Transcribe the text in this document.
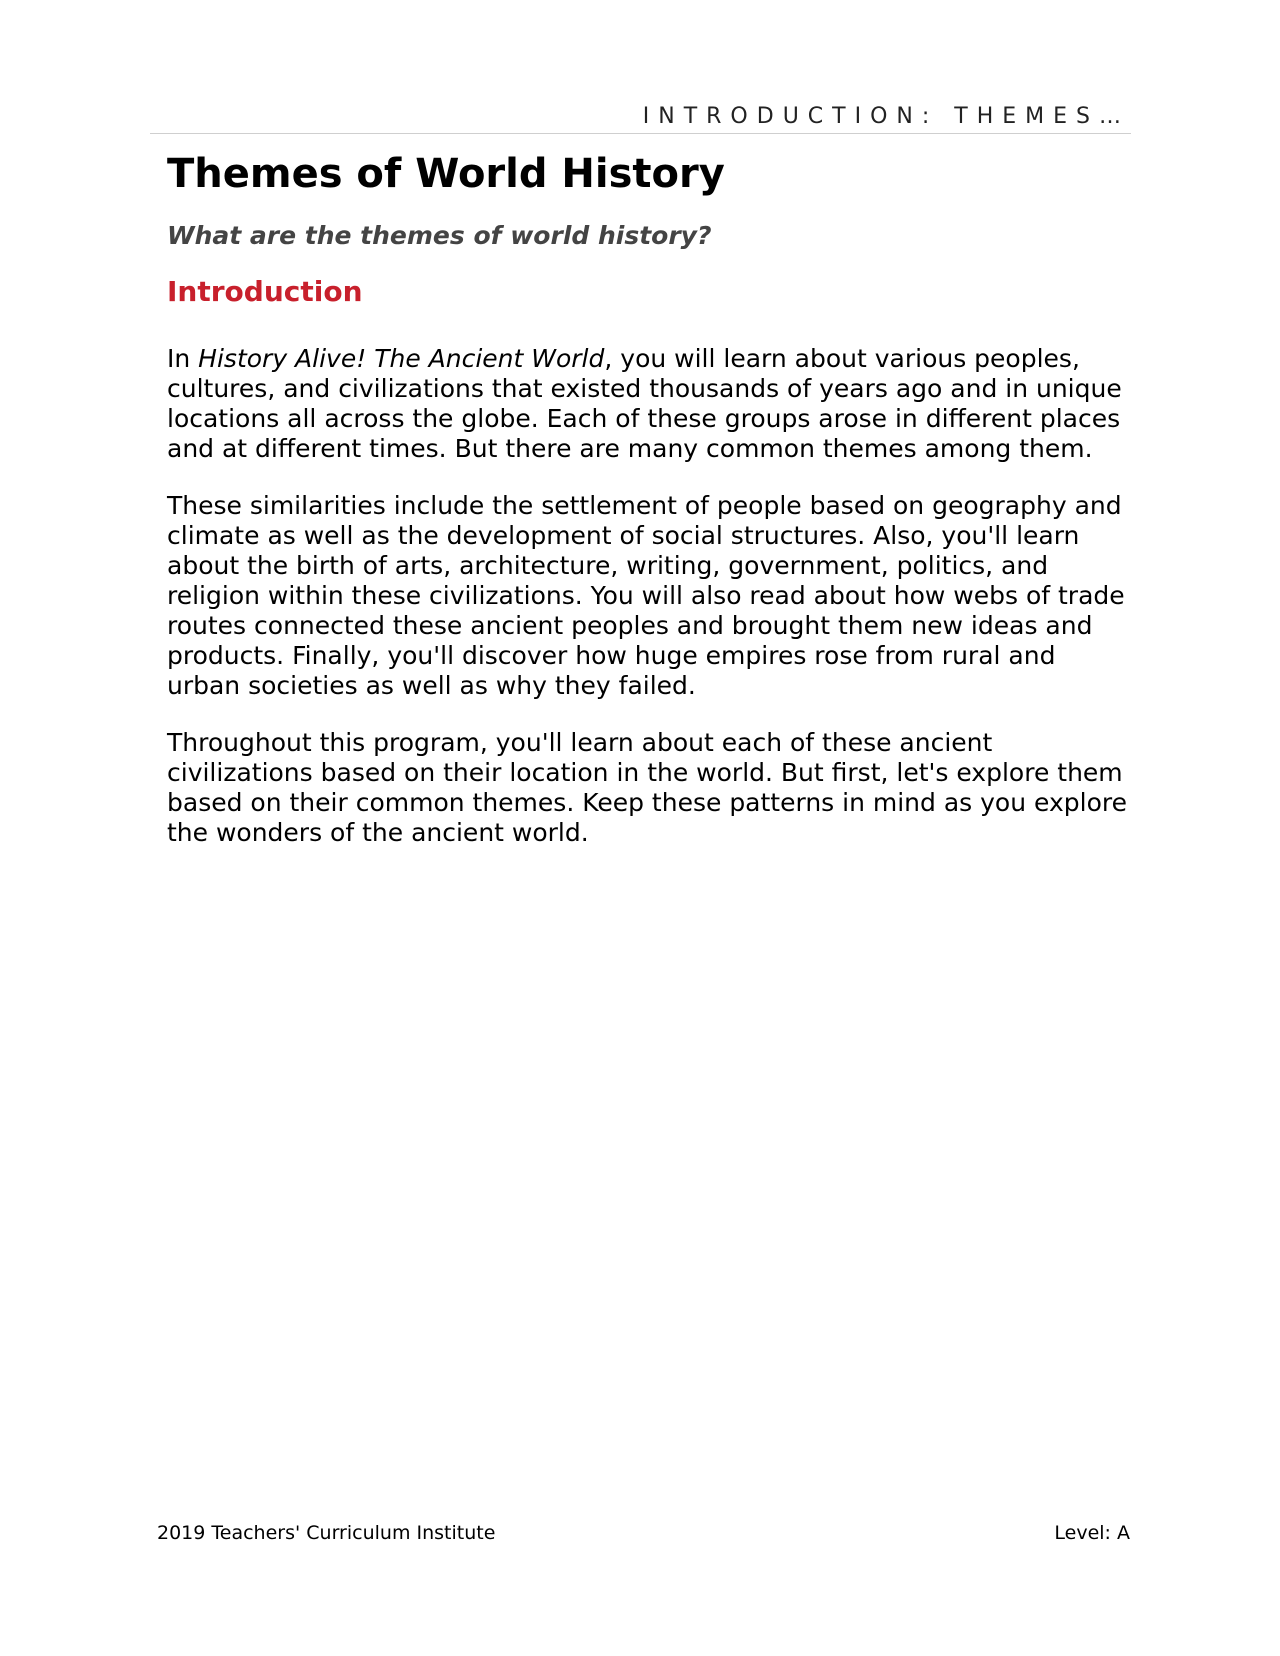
INTRODUCTION: THEMES…
Themes of World History

What are the themes of world history?

Introduction

In History Alive! The Ancient World, you will learn about various peoples, cultures, and civilizations that existed thousands of years ago and in unique locations all across the globe. Each of these groups arose in different places and at different times. But there are many common themes among them.

These similarities include the settlement of people based on geography and climate as well as the development of social structures. Also, you'll learn about the birth of arts, architecture, writing, government, politics, and religion within these civilizations. You will also read about how webs of trade routes connected these ancient peoples and brought them new ideas and products. Finally, you'll discover how huge empires rose from rural and urban societies as well as why they failed.

Throughout this program, you'll learn about each of these ancient civilizations based on their location in the world. But first, let's explore them based on their common themes. Keep these patterns in mind as you explore the wonders of the ancient world.

2019 Teachers' Curriculum Institute	Level: A
